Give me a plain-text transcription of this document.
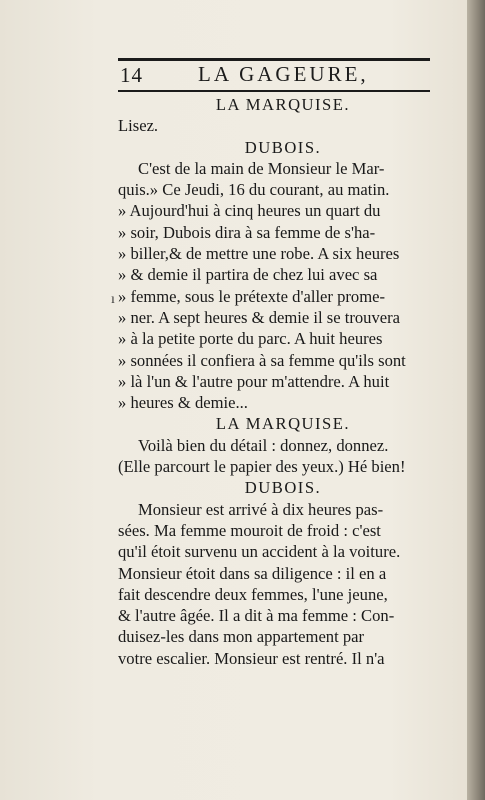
14	LA GAGEURE,
ı
LA MARQUISE.
Lisez.
DUBOIS.
C'est de la main de Monsieur le Mar-
quis.» Ce Jeudi, 16 du courant, au matin.
» Aujourd'hui à cinq heures un quart du
» soir, Dubois dira à sa femme de s'ha-
» biller,& de mettre une robe. A six heures
» & demie il partira de chez lui avec sa
» femme, sous le prétexte d'aller prome-
» ner. A sept heures & demie il se trouvera
» à la petite porte du parc. A huit heures
» sonnées il confiera à sa femme qu'ils sont
» là l'un & l'autre pour m'attendre. A huit
» heures & demie...
LA MARQUISE.
Voilà bien du détail : donnez, donnez.
(Elle parcourt le papier des yeux.) Hé bien!
DUBOIS.
Monsieur est arrivé à dix heures pas-
sées. Ma femme mouroit de froid : c'est
qu'il étoit survenu un accident à la voiture.
Monsieur étoit dans sa diligence : il en a
fait descendre deux femmes, l'une jeune,
& l'autre âgée. Il a dit à ma femme : Con-
duisez-les dans mon appartement par
votre escalier. Monsieur est rentré. Il n'a
